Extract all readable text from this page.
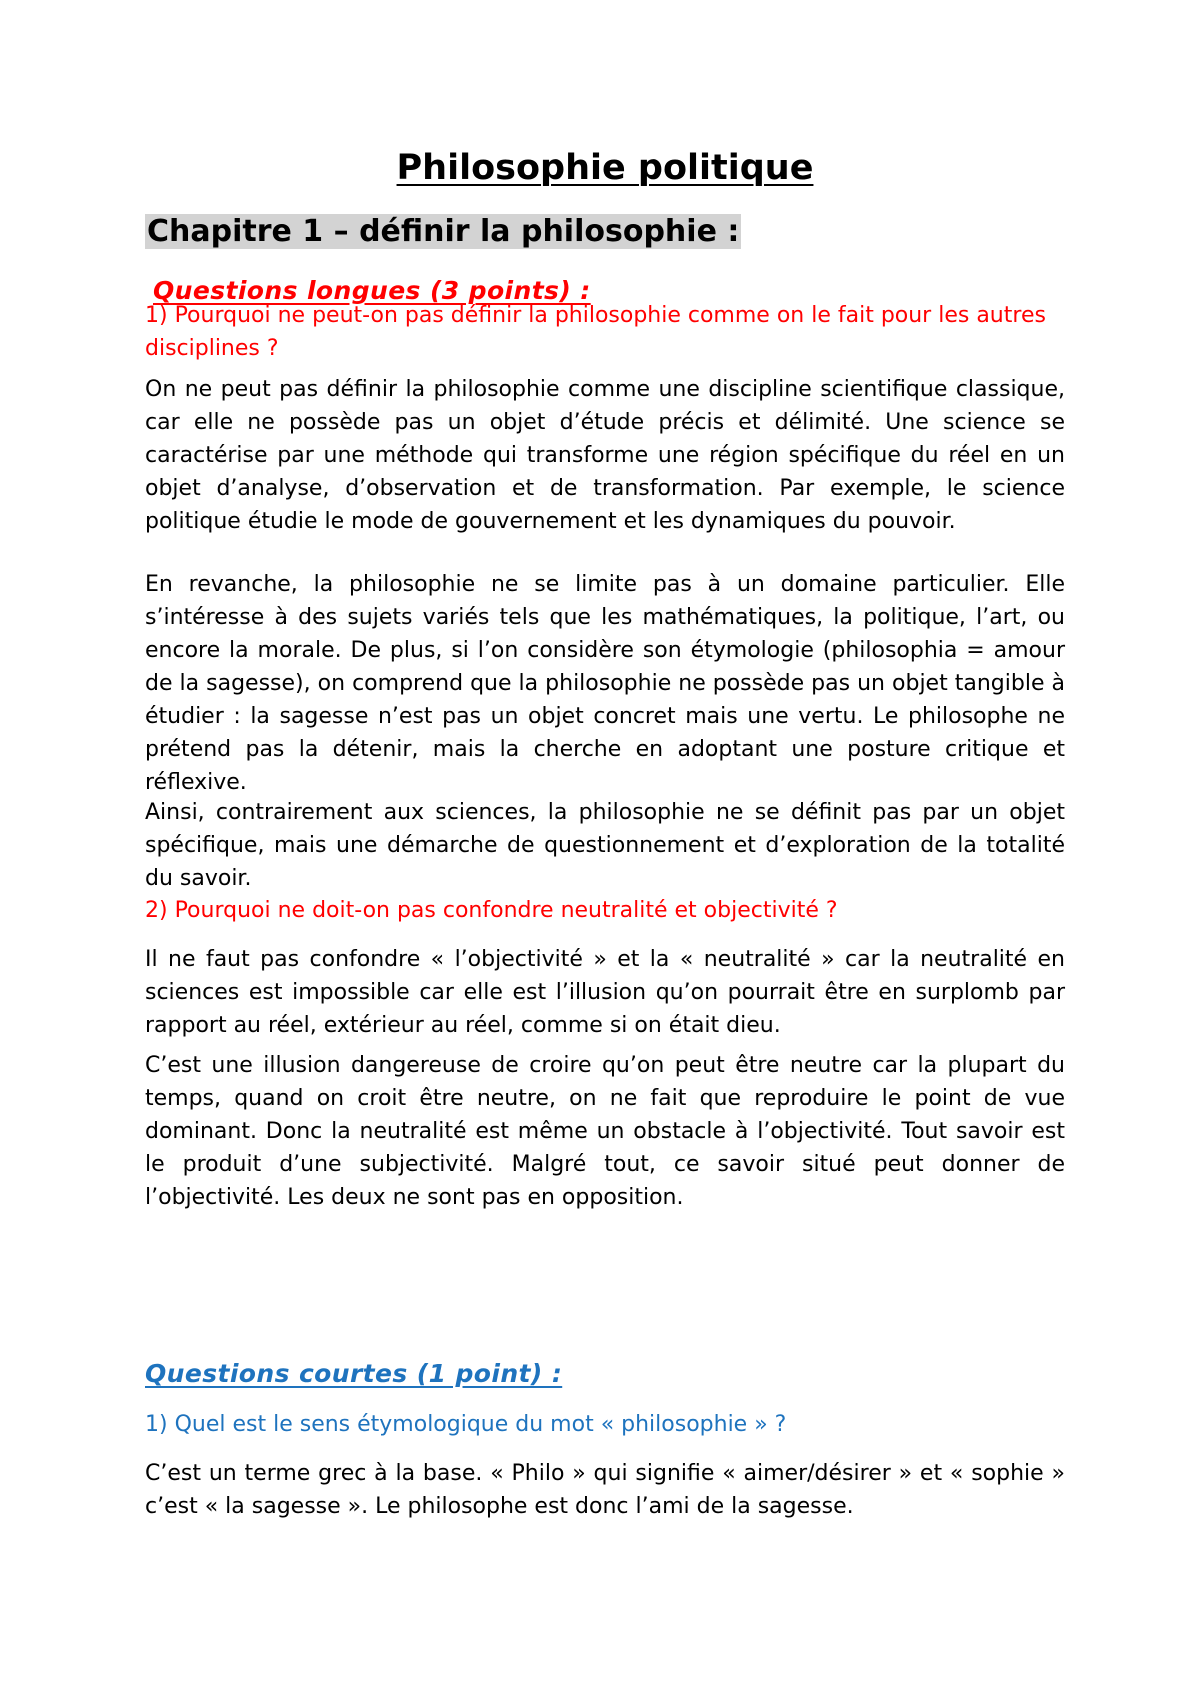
Philosophie politique
Chapitre 1 – définir la philosophie :
Questions longues (3 points) :

1) Pourquoi ne peut-on pas définir la philosophie comme on le fait pour les autres disciplines ?

On ne peut pas définir la philosophie comme une discipline scientifique classique, car elle ne possède pas un objet d’étude précis et délimité. Une science se caractérise par une méthode qui transforme une région spécifique du réel en un objet d’analyse, d’observation et de transformation. Par exemple, le science politique étudie le mode de gouvernement et les dynamiques du pouvoir.

En revanche, la philosophie ne se limite pas à un domaine particulier. Elle s’intéresse à des sujets variés tels que les mathématiques, la politique, l’art, ou encore la morale. De plus, si l’on considère son étymologie (philosophia = amour de la sagesse), on comprend que la philosophie ne possède pas un objet tangible à étudier : la sagesse n’est pas un objet concret mais une vertu. Le philosophe ne prétend pas la détenir, mais la cherche en adoptant une posture critique et réflexive.

Ainsi, contrairement aux sciences, la philosophie ne se définit pas par un objet spécifique, mais une démarche de questionnement et d’exploration de la totalité du savoir.

2) Pourquoi ne doit-on pas confondre neutralité et objectivité ?

Il ne faut pas confondre « l’objectivité » et la « neutralité » car la neutralité en sciences est impossible car elle est l’illusion qu’on pourrait être en surplomb par rapport au réel, extérieur au réel, comme si on était dieu.

C’est une illusion dangereuse de croire qu’on peut être neutre car la plupart du temps, quand on croit être neutre, on ne fait que reproduire le point de vue dominant. Donc la neutralité est même un obstacle à l’objectivité. Tout savoir est le produit d’une subjectivité. Malgré tout, ce savoir situé peut donner de l’objectivité. Les deux ne sont pas en opposition.

Questions courtes (1 point) :

1) Quel est le sens étymologique du mot « philosophie » ?

C’est un terme grec à la base. « Philo » qui signifie « aimer/désirer » et « sophie » c’est « la sagesse ». Le philosophe est donc l’ami de la sagesse.
